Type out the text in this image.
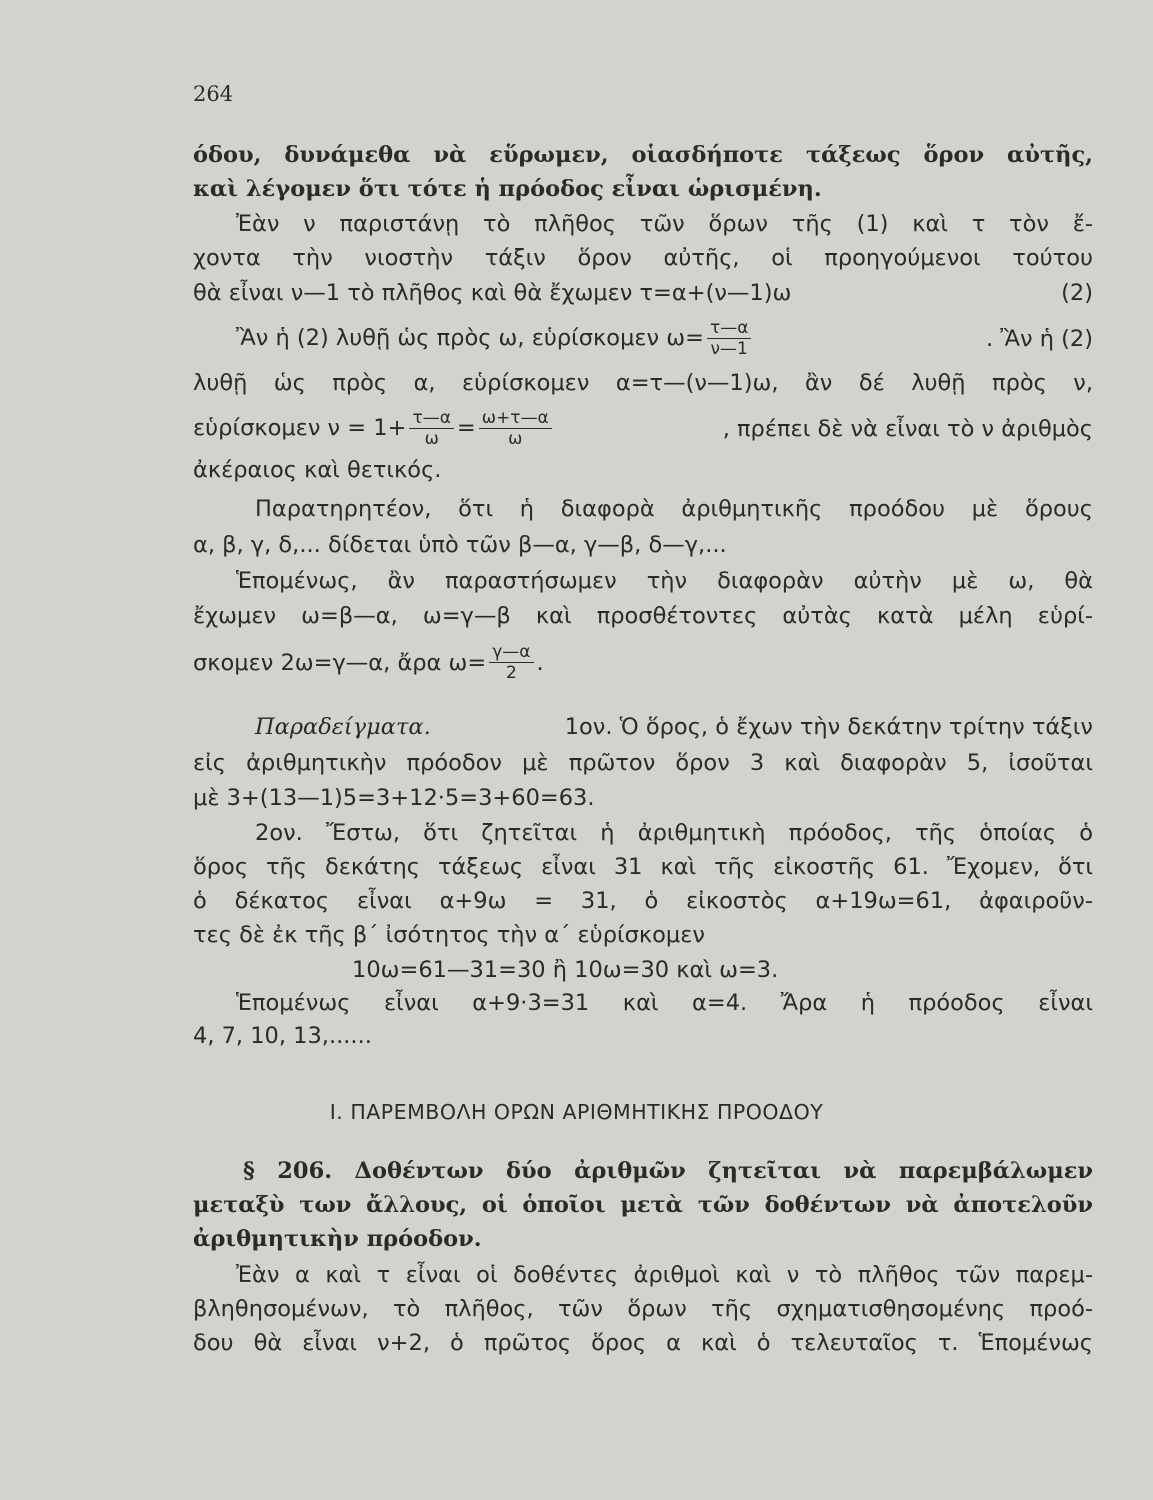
264
όδου, δυνάμεθα νὰ εὕρωμεν, οἱασδήποτε τάξεως ὅρον αὐτῆς,
καὶ λέγομεν ὅτι τότε ἡ πρόοδος εἶναι ὡρισμένη.
Ἐὰν ν παριστάνῃ τὸ πλῆθος τῶν ὅρων τῆς (1) καὶ τ τὸν ἔ-
χοντα τὴν νιοστὴν τάξιν ὅρον αὐτῆς, οἱ προηγούμενοι τούτου
θὰ εἶναι ν—1 τὸ πλῆθος καὶ θὰ ἔχωμεν τ=α+(ν—1)ω	(2)
Ἂν ἡ (2) λυθῇ ὡς πρὸς ω, εὑρίσκομεν $\omega= \frac{\tau—\alpha}{\nu—1}$	. Ἂν ἡ (2)
λυθῇ ὡς πρὸς α, εὑρίσκομεν α=τ—(ν—1)ω, ἂν δέ λυθῇ πρὸς ν,
εὑρίσκομεν $\nu = 1+ \frac{\tau—\alpha}{\omega} = \frac{\omega+\tau—\alpha}{\omega}$	, πρέπει δὲ νὰ εἶναι τὸ ν ἀριθμὸς
ἀκέραιος καὶ θετικός.
Παρατηρητέον, ὅτι ἡ διαφορὰ ἀριθμητικῆς προόδου μὲ ὅρους
α, β, γ, δ,... δίδεται ὑπὸ τῶν β—α, γ—β, δ—γ,...
Ἑπομένως, ἂν παραστήσωμεν τὴν διαφορὰν αὐτὴν μὲ ω, θὰ
ἔχωμεν ω=β—α, ω=γ—β καὶ προσθέτοντες αὐτὰς κατὰ μέλη εὑρί-
σκομεν 2ω=γ—α, ἄρα $\omega= \frac{\gamma—\alpha}{2}$ .
Παραδείγματα.	1ον. Ὁ ὅρος, ὁ ἔχων τὴν δεκάτην τρίτην τάξιν
εἰς ἀριθμητικὴν πρόοδον μὲ πρῶτον ὅρον 3 καὶ διαφορὰν 5, ἰσοῦται
μὲ 3+(13—1)5=3+12·5=3+60=63.
2ον. Ἔστω, ὅτι ζητεῖται ἡ ἀριθμητικὴ πρόοδος, τῆς ὁποίας ὁ
ὅρος τῆς δεκάτης τάξεως εἶναι 31 καὶ τῆς εἰκοστῆς 61. Ἔχομεν, ὅτι
ὁ δέκατος εἶναι α+9ω = 31, ὁ εἰκοστὸς α+19ω=61, ἀφαιροῦν-
τες δὲ ἐκ τῆς β΄ ἰσότητος τὴν α΄ εὑρίσκομεν
10ω=61—31=30 ἢ 10ω=30 καὶ ω=3.
Ἑπομένως εἶναι α+9·3=31 καὶ α=4. Ἄρα ἡ πρόοδος εἶναι
4, 7, 10, 13,......
I. ΠΑΡΕΜΒΟΛΗ ΟΡΩΝ ΑΡΙΘΜΗΤΙΚΗΣ ΠΡΟΟΔΟΥ
§ 206. Δοθέντων δύο ἀριθμῶν ζητεῖται νὰ παρεμβάλωμεν
μεταξὺ των ἄλλους, οἱ ὁποῖοι μετὰ τῶν δοθέντων νὰ ἀποτελοῦν
ἀριθμητικὴν πρόοδον.
Ἐὰν α καὶ τ εἶναι οἱ δοθέντες ἀριθμοὶ καὶ ν τὸ πλῆθος τῶν παρεμ-
βληθησομένων, τὸ πλῆθος, τῶν ὅρων τῆς σχηματισθησομένης προό-
δου θὰ εἶναι ν+2, ὁ πρῶτος ὅρος α καὶ ὁ τελευταῖος τ. Ἑπομένως
